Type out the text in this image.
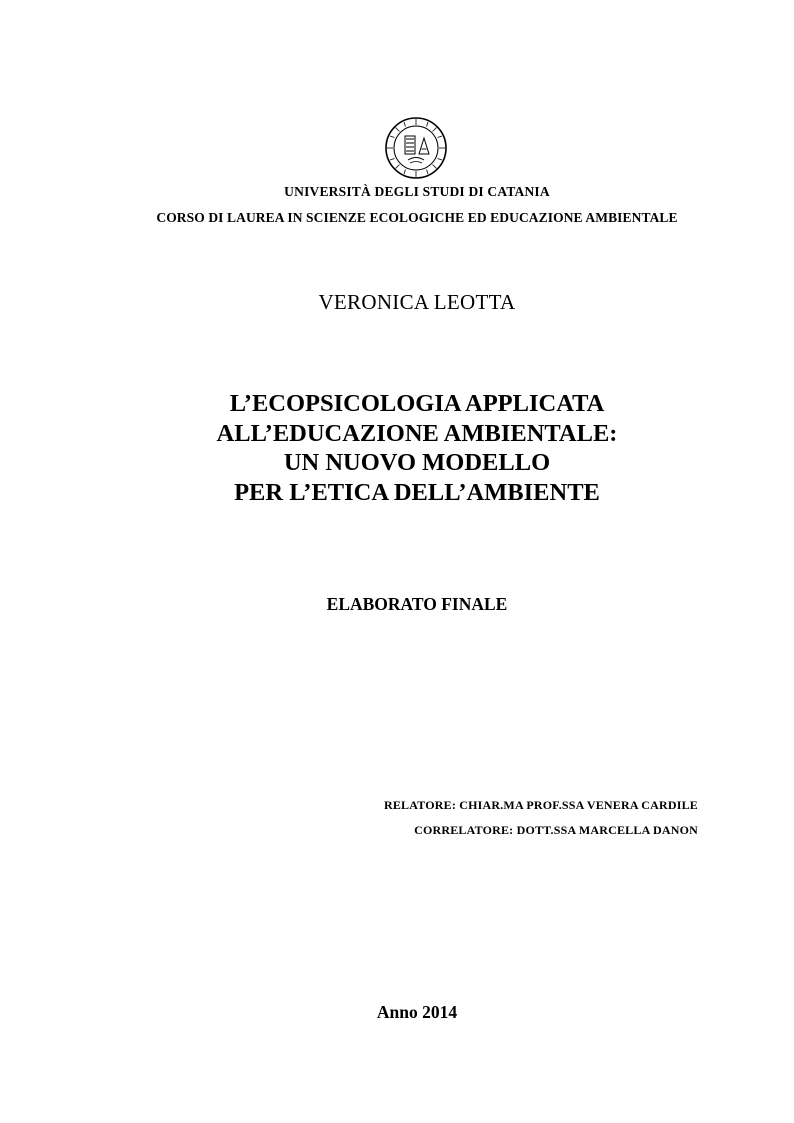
UNIVERSITÀ DEGLI STUDI DI CATANIA

CORSO DI LAUREA IN SCIENZE ECOLOGICHE ED EDUCAZIONE AMBIENTALE

VERONICA LEOTTA

L’ECOPSICOLOGIA APPLICATA
ALL’EDUCAZIONE AMBIENTALE:
UN NUOVO MODELLO
PER L’ETICA DELL’AMBIENTE

ELABORATO FINALE

RELATORE: CHIAR.MA PROF.SSA VENERA CARDILE
CORRELATORE: DOTT.SSA MARCELLA DANON

Anno 2014
